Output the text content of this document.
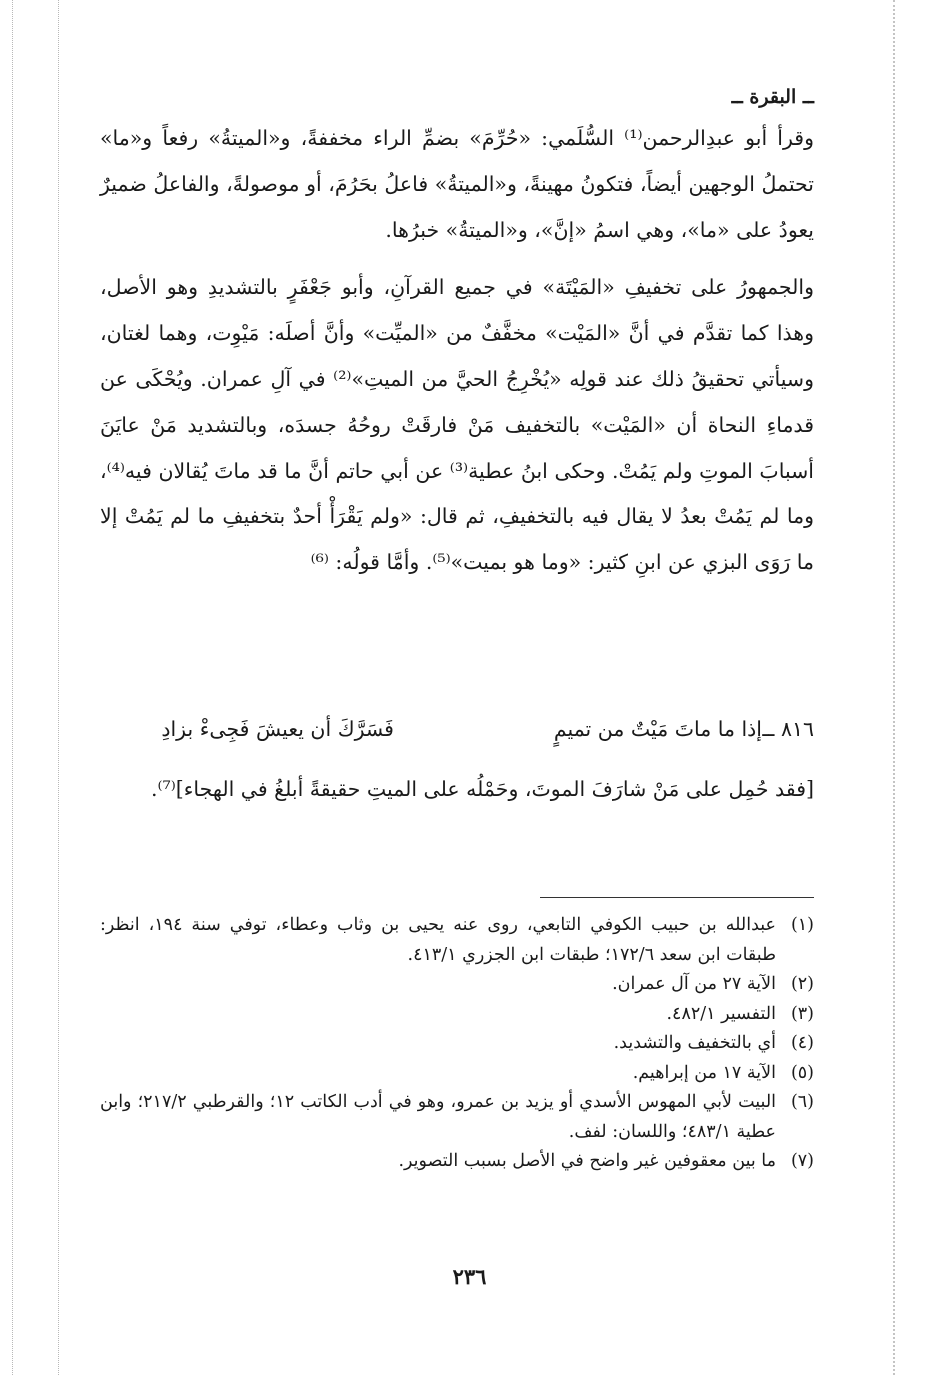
ــ البقرة ــ

وقرأ أبو عبدِالرحمن⁽¹⁾ السُّلَمي: «حُرِّمَ» بضمِّ الراء مخففةً، و«الميتةُ» رفعاً و«ما» تحتملُ الوجهين أيضاً، فتكونُ مهينةً، و«الميتةُ» فاعلُ بحَرُمَ، أو موصولةً، والفاعلُ ضميرٌ يعودُ على «ما»، وهي اسمُ «إنَّ»، و«الميتةُ» خبرُها.

والجمهورُ على تخفيفِ «المَيْتَة» في جميع القرآنِ، وأبو جَعْفَرٍ بالتشديدِ وهو الأصل، وهذا كما تقدَّم في أنَّ «المَيْت» مخفَّفٌ من «الميِّت» وأنَّ أصلَه: مَيْوِت، وهما لغتان، وسيأتي تحقيقُ ذلك عند قولِه «يُخْرِجُ الحيَّ من الميتِ»⁽²⁾ في آلِ عمران. ويُحْكَى عن قدماءِ النحاة أن «المَيْت» بالتخفيف مَنْ فارقَتْ روحُهُ جسدَه، وبالتشديد مَنْ عايَنَ أسبابَ الموتِ ولم يَمُتْ. وحكى ابنُ عطية⁽³⁾ عن أبي حاتم أنَّ ما قد ماتَ يُقالان فيه⁽⁴⁾، وما لم يَمُتْ بعدُ لا يقال فيه بالتخفيفِ، ثم قال: «ولم يَقْرَأْ أحدٌ بتخفيفِ ما لم يَمُتْ إلا ما رَوَى البزي عن ابنِ كثير: «وما هو بميت»⁽⁵⁾. وأمَّا قولُه: ⁽⁶⁾

٨١٦ ــ
إذا ما ماتَ مَيْتٌ من تميمٍ
فَسَرَّكَ أن يعيشَ فَجِىءْ بزادِ
[فقد حُمِل على مَنْ شارَفَ الموتَ، وحَمْلُه على الميتِ حقيقةً أبلغُ في الهجاء]⁽⁷⁾.
(١)
عبدالله بن حبيب الكوفي التابعي، روى عنه يحيى بن وثاب وعطاء، توفي سنة ١٩٤، انظر: طبقات ابن سعد ١٧٢/٦؛ طبقات ابن الجزري ٤١٣/١.
(٢)
الآية ٢٧ من آل عمران.
(٣)
التفسير ٤٨٢/١.
(٤)
أي بالتخفيف والتشديد.
(٥)
الآية ١٧ من إبراهيم.
(٦)
البيت لأبي المهوس الأسدي أو يزيد بن عمرو، وهو في أدب الكاتب ١٢؛ والقرطبي ٢١٧/٢؛ وابن عطية ٤٨٣/١؛ واللسان: لفف.
(٧)
ما بين معقوفين غير واضح في الأصل بسبب التصوير.
٢٣٦
